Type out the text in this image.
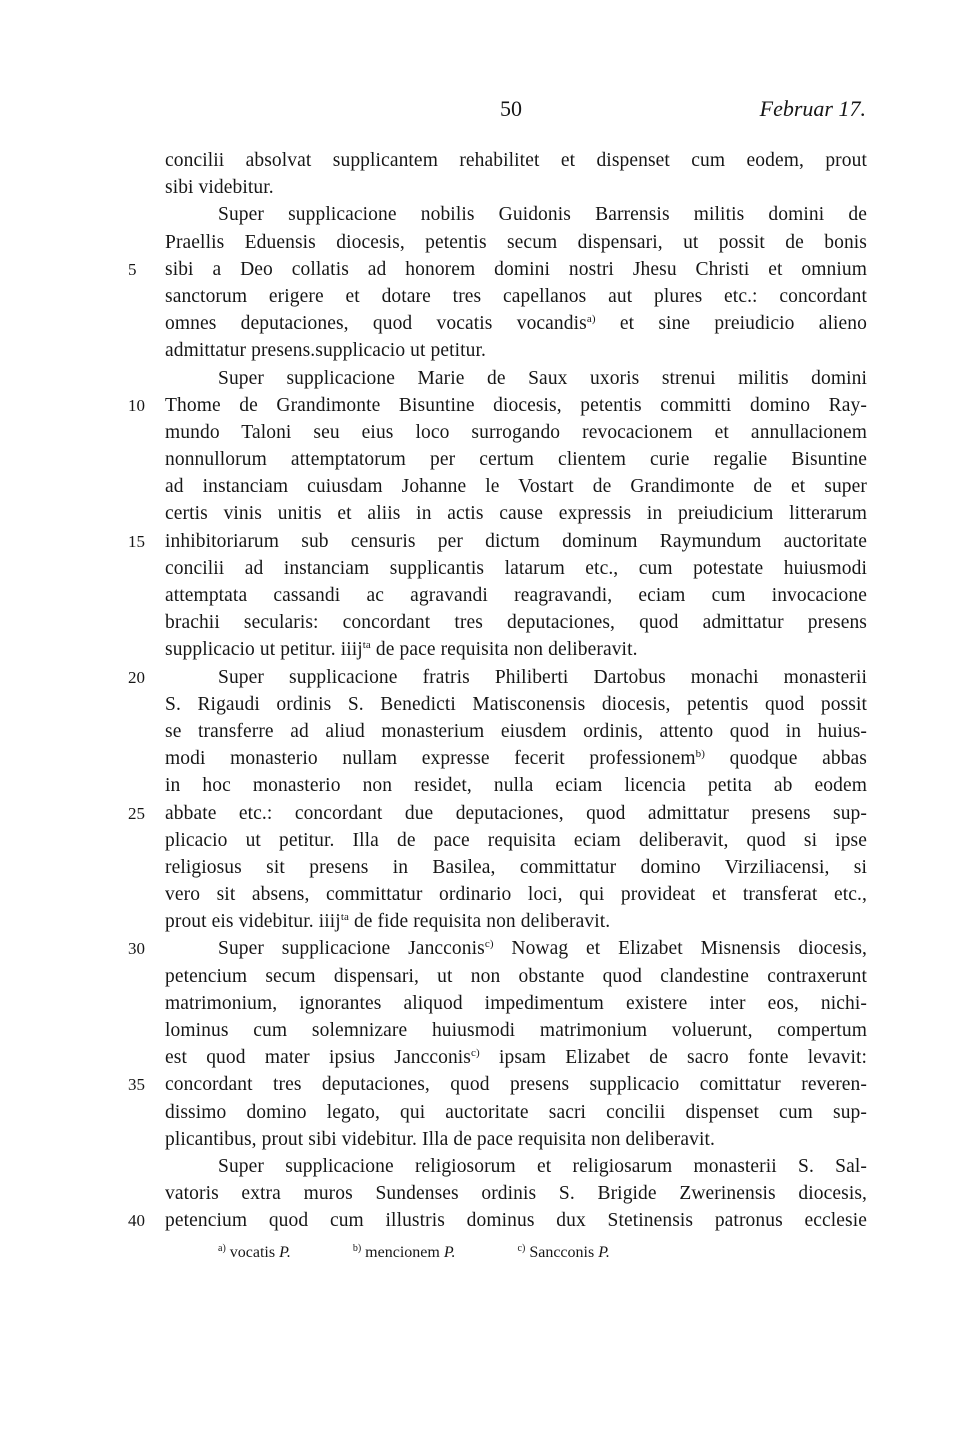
50	Februar 17.
concilii absolvat supplicantem rehabilitet et dispenset cum eodem, prout
sibi videbitur.
Super supplicacione nobilis Guidonis Barrensis militis domini de
Praellis Eduensis diocesis, petentis secum dispensari, ut possit de bonis
5	sibi a Deo collatis ad honorem domini nostri Jhesu Christi et omnium
sanctorum erigere et dotare tres capellanos aut plures etc.: concordant
omnes deputaciones, quod vocatis vocandis$^{a)}$ et sine preiudicio alieno
admittatur presens.supplicacio ut petitur.
Super supplicacione Marie de Saux uxoris strenui militis domini
10	Thome de Grandimonte Bisuntine diocesis, petentis committi domino Ray-
mundo Taloni seu eius loco surrogando revocacionem et annullacionem
nonnullorum attemptatorum per certum clientem curie regalie Bisuntine
ad instanciam cuiusdam Johanne le Vostart de Grandimonte de et super
certis vinis unitis et aliis in actis cause expressis in preiudicium litterarum
15	inhibitoriarum sub censuris per dictum dominum Raymundum auctoritate
concilii ad instanciam supplicantis latarum etc., cum potestate huiusmodi
attemptata cassandi ac agravandi reagravandi, eciam cum invocacione
brachii secularis: concordant tres deputaciones, quod admittatur presens
supplicacio ut petitur. iiij$^{ta}$ de pace requisita non deliberavit.
20	Super supplicacione fratris Philiberti Dartobus monachi monasterii
S. Rigaudi ordinis S. Benedicti Matisconensis diocesis, petentis quod possit
se transferre ad aliud monasterium eiusdem ordinis, attento quod in huius-
modi monasterio nullam expresse fecerit professionem$^{b)}$ quodque abbas
in hoc monasterio non residet, nulla eciam licencia petita ab eodem
25	abbate etc.: concordant due deputaciones, quod admittatur presens sup-
plicacio ut petitur. Illa de pace requisita eciam deliberavit, quod si ipse
religiosus sit presens in Basilea, committatur domino Virziliacensi, si
vero sit absens, committatur ordinario loci, qui provideat et transferat etc.,
prout eis videbitur. iiij$^{ta}$ de fide requisita non deliberavit.
30	Super supplicacione Jancconis$^{c)}$ Nowag et Elizabet Misnensis diocesis,
petencium secum dispensari, ut non obstante quod clandestine contraxerunt
matrimonium, ignorantes aliquod impedimentum existere inter eos, nichi-
lominus cum solemnizare huiusmodi matrimonium voluerunt, compertum
est quod mater ipsius Jancconis$^{c)}$ ipsam Elizabet de sacro fonte levavit:
35	concordant tres deputaciones, quod presens supplicacio comittatur reveren-
dissimo domino legato, qui auctoritate sacri concilii dispenset cum sup-
plicantibus, prout sibi videbitur. Illa de pace requisita non deliberavit.
Super supplicacione religiosorum et religiosarum monasterii S. Sal-
vatoris extra muros Sundenses ordinis S. Brigide Zwerinensis diocesis,
40	petencium quod cum illustris dominus dux Stetinensis patronus ecclesie
$^{a)}$ vocatis P.	$^{b)}$ mencionem P.	$^{c)}$ Sancconis P.
